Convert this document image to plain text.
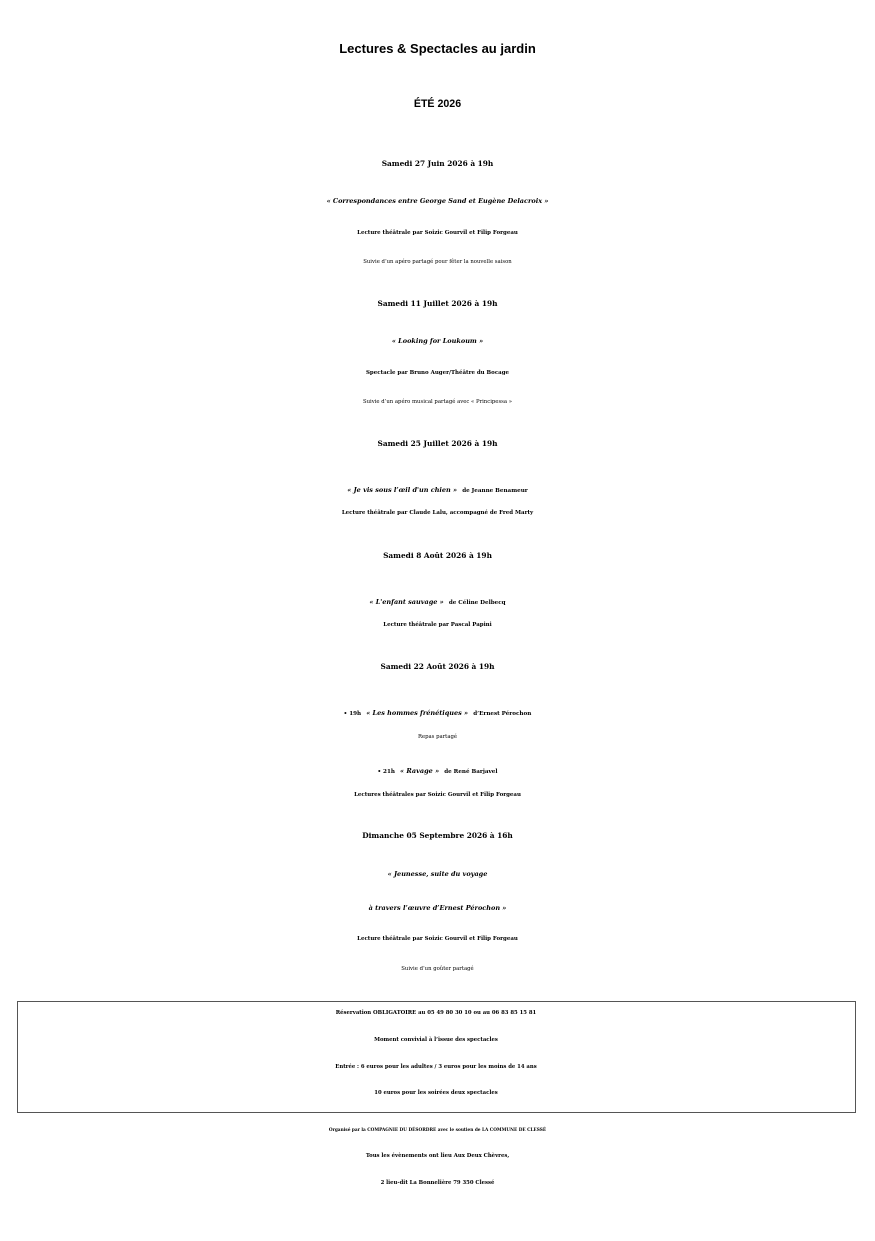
Lectures & Spectacles au jardin
ÉTÉ 2026
Samedi 27 Juin 2026 à 19h
« Correspondances entre George Sand et Eugène Delacroix »
Lecture théâtrale par Soizic Gourvil et Filip Forgeau
Suivie d’un apéro partagé pour fêter la nouvelle saison
Samedi 11 Juillet 2026 à 19h
« Looking for Loukoum »
Spectacle par Bruno Auger/Théâtre du Bocage
Suivie d’un apéro musical partagé avec « Principessa »
Samedi 25 Juillet 2026 à 19h
« Je vis sous l’œil d'un chien » de Jeanne Benameur
Lecture théâtrale par Claude Lalu, accompagné de Fred Marty
Samedi 8 Août 2026 à 19h
« L'enfant sauvage » de Céline Delbecq
Lecture théâtrale par Pascal Papini
Samedi 22 Août 2026 à 19h
• 19h « Les hommes frénétiques » d’Ernest Pérochon
Repas partagé
• 21h « Ravage » de René Barjavel
Lectures théâtrales par Soizic Gourvil et Filip Forgeau
Dimanche 05 Septembre 2026 à 16h
« Jeunesse, suite du voyage
à travers l’œuvre d’Ernest Pérochon »
Lecture théâtrale par Soizic Gourvil et Filip Forgeau
Suivie d’un goûter partagé
Réservation OBLIGATOIRE au 05 49 80 30 10 ou au 06 83 85 15 81
Moment convivial à l’issue des spectacles
Entrée : 6 euros pour les adultes / 3 euros pour les moins de 14 ans
10 euros pour les soirées deux spectacles
Organisé par la COMPAGNIE DU DÉSORDRE avec le soutien de LA COMMUNE DE CLESSÉ
Tous les évènements ont lieu Aux Deux Chèvres,
2 lieu-dit La Bonnelière 79 350 Clessé
